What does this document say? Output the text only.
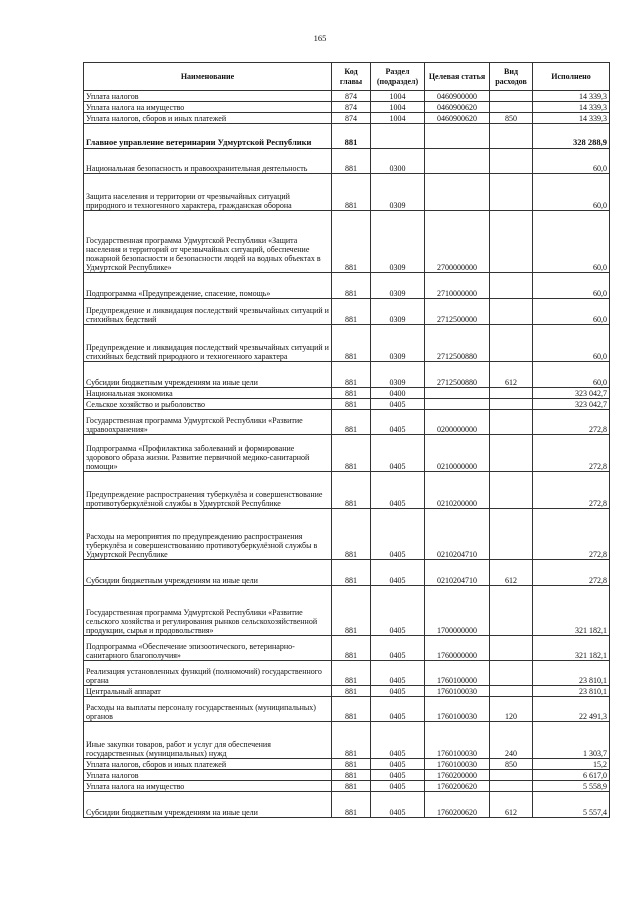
165
Наименование	Код главы	Раздел (подраздел)	Целевая статья	Вид расходов	Исполнено
Уплата налогов	874	1004	0460900000		14 339,3
Уплата налога на имущество	874	1004	0460900620		14 339,3
Уплата налогов, сборов и иных платежей	874	1004	0460900620	850	14 339,3
Главное управление ветеринарии Удмуртской Республики	881				328 288,9
Национальная безопасность и правоохранительная деятельность	881	0300			60,0
Защита населения и территории от чрезвычайных ситуаций природного и техногенного характера, гражданская оборона	881	0309			60,0
Государственная программа Удмуртской Республики «Защита населения и территорий от чрезвычайных ситуаций, обеспечение пожарной безопасности и безопасности людей на водных объектах в Удмуртской Республике»	881	0309	2700000000		60,0
Подпрограмма «Предупреждение, спасение, помощь»	881	0309	2710000000		60,0
Предупреждение и ликвидация последствий чрезвычайных ситуаций и стихийных бедствий	881	0309	2712500000		60,0
Предупреждение и ликвидация последствий чрезвычайных ситуаций и стихийных бедствий природного и техногенного характера	881	0309	2712500880		60,0
Субсидии бюджетным учреждениям на иные цели	881	0309	2712500880	612	60,0
Национальная экономика	881	0400			323 042,7
Сельское хозяйство и рыболовство	881	0405			323 042,7
Государственная программа Удмуртской Республики «Развитие здравоохранения»	881	0405	0200000000		272,8
Подпрограмма «Профилактика заболеваний и формирование здорового образа жизни. Развитие первичной медико-санитарной помощи»	881	0405	0210000000		272,8
Предупреждение распространения туберкулёза и совершенствование противотуберкулёзной службы в Удмуртской Республике	881	0405	0210200000		272,8
Расходы на мероприятия по предупреждению распространения туберкулёза и совершенствованию противотуберкулёзной службы в Удмуртской Республике	881	0405	0210204710		272,8
Субсидии бюджетным учреждениям на иные цели	881	0405	0210204710	612	272,8
Государственная программа Удмуртской Республики «Развитие сельского хозяйства и регулирования рынков сельскохозяйственной продукции, сырья и продовольствия»	881	0405	1700000000		321 182,1
Подпрограмма «Обеспечение эпизоотического, ветеринарно-санитарного благополучия»	881	0405	1760000000		321 182,1
Реализация установленных функций (полномочий) государственного органа	881	0405	1760100000		23 810,1
Центральный аппарат	881	0405	1760100030		23 810,1
Расходы на выплаты персоналу государственных (муниципальных) органов	881	0405	1760100030	120	22 491,3
Иные закупки товаров, работ и услуг для обеспечения государственных (муниципальных) нужд	881	0405	1760100030	240	1 303,7
Уплата налогов, сборов и иных платежей	881	0405	1760100030	850	15,2
Уплата налогов	881	0405	1760200000		6 617,0
Уплата налога на имущество	881	0405	1760200620		5 558,9
Субсидии бюджетным учреждениям на иные цели	881	0405	1760200620	612	5 557,4
